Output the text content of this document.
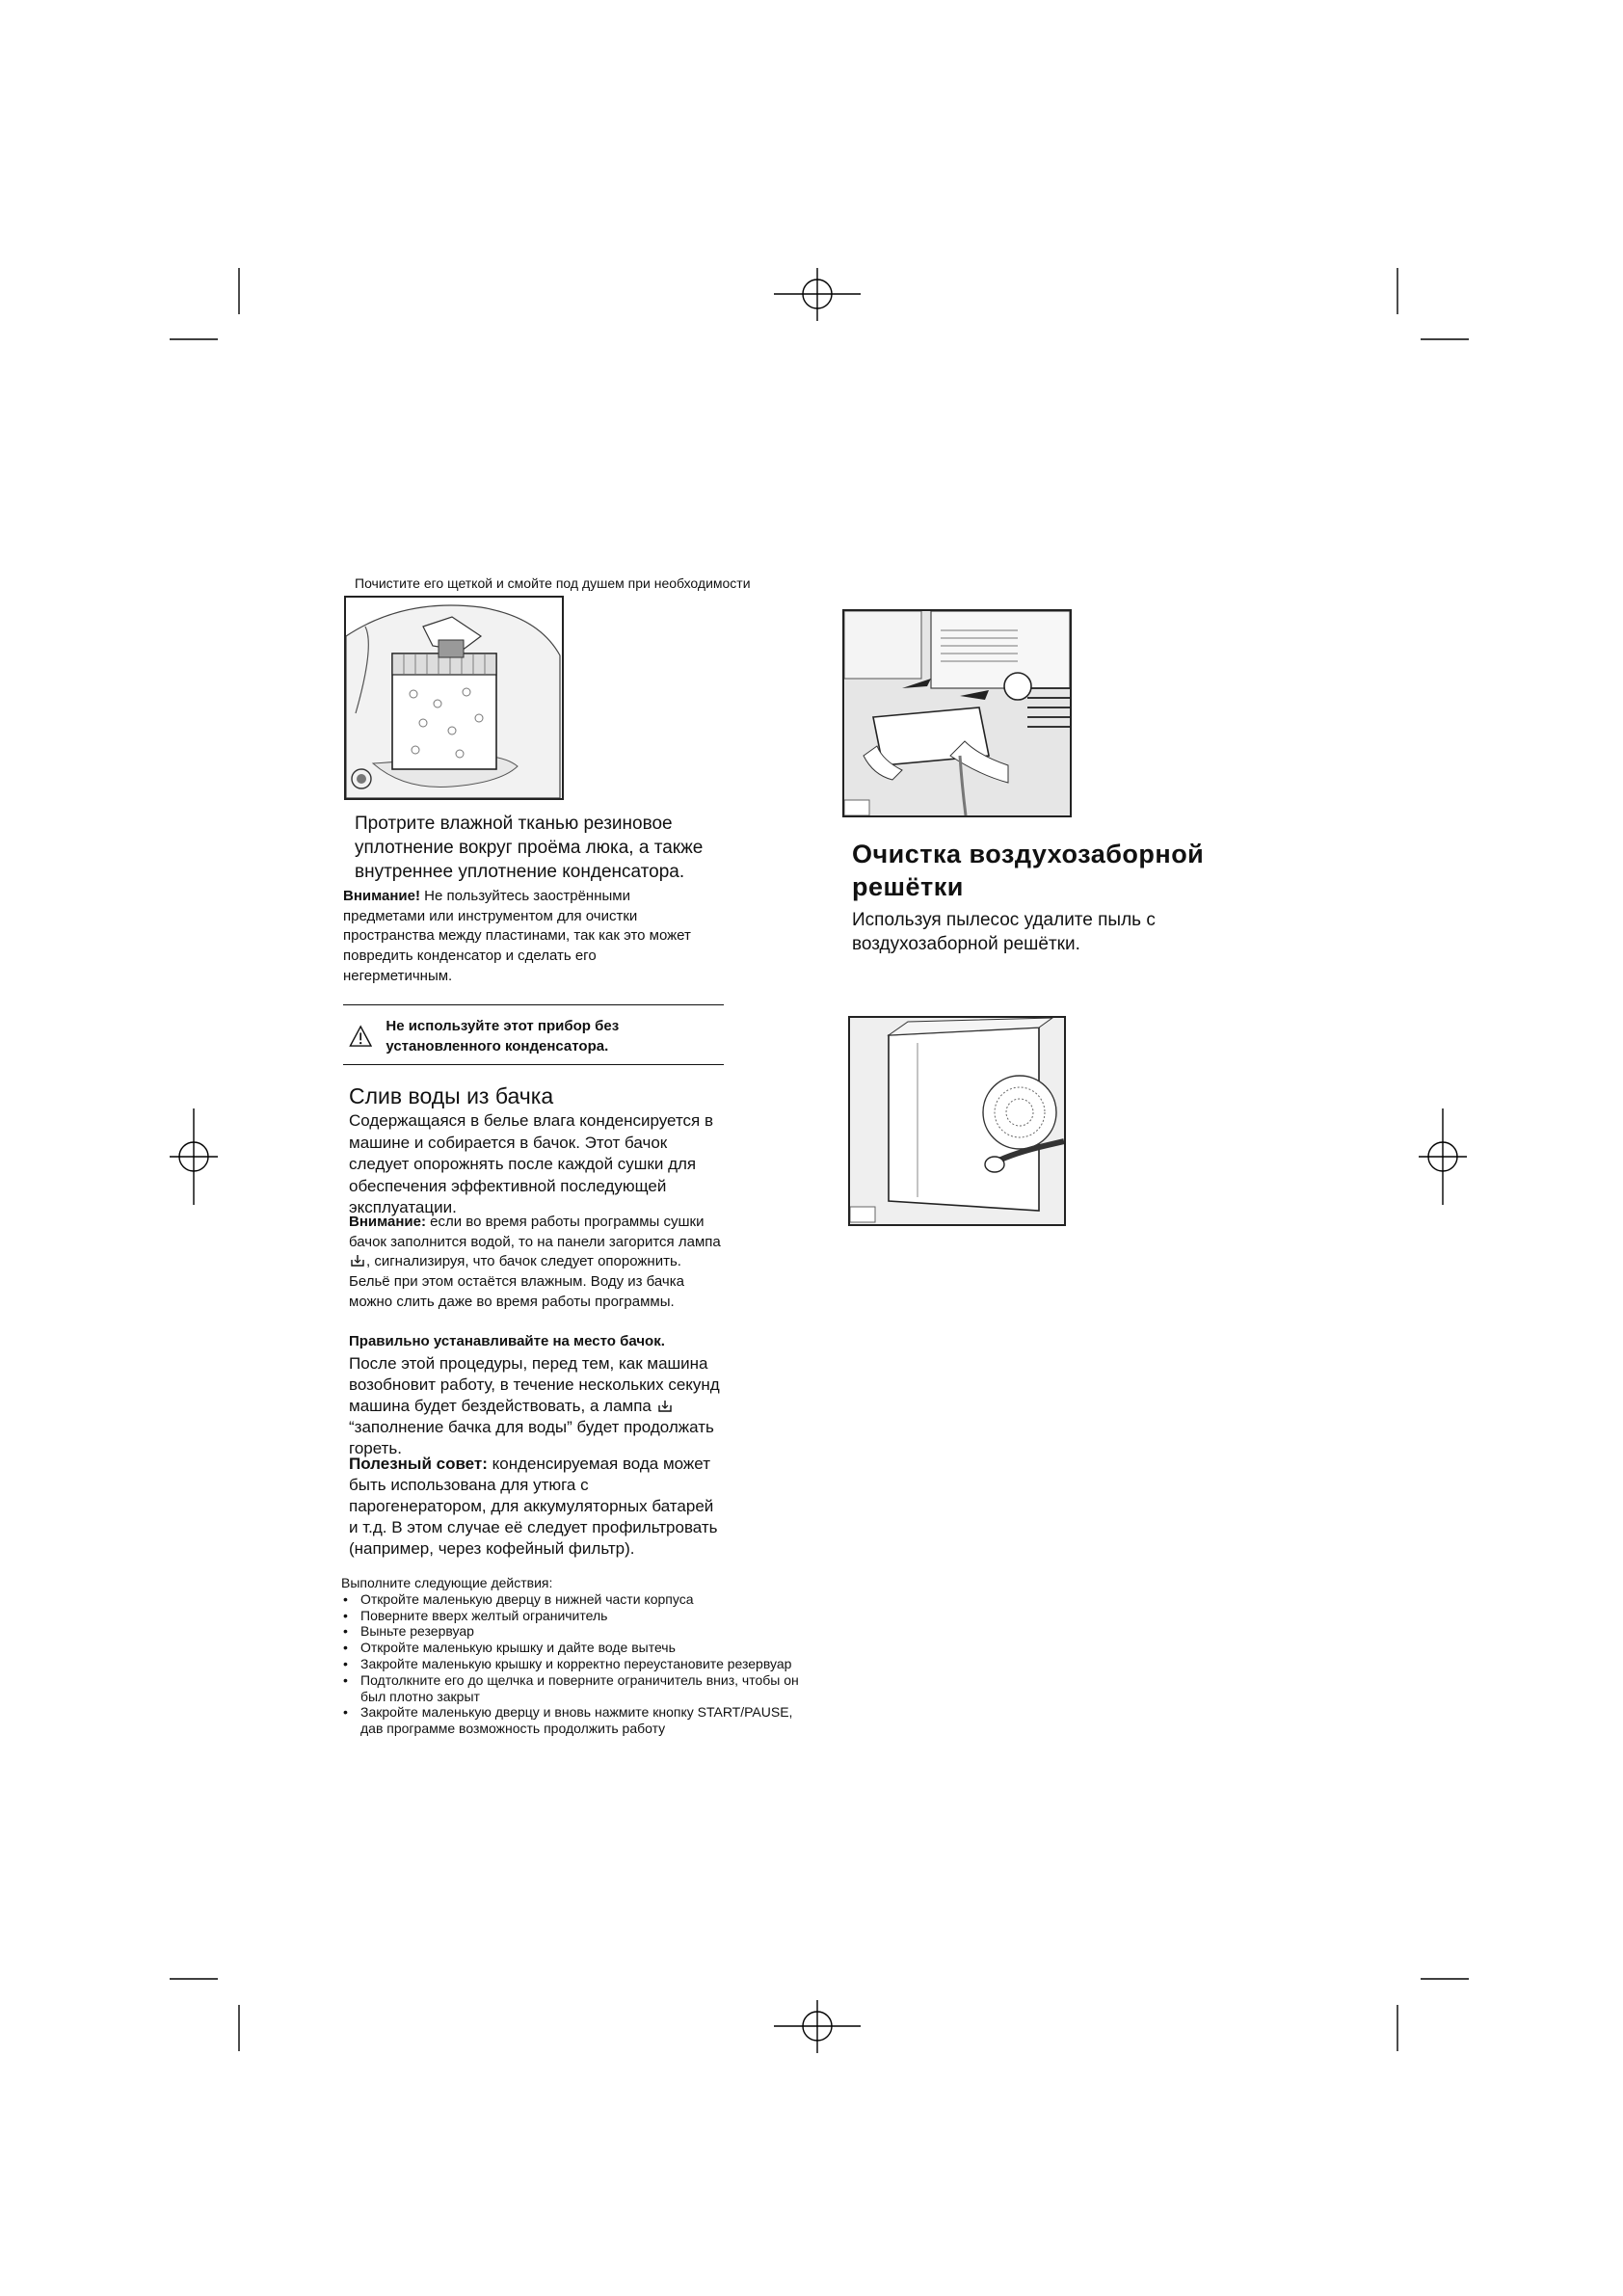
Почистите его щеткой и смойте под душем при необходимости
Протрите влажной тканью резиновое уплотнение вокруг проёма люка, а также внутреннее уплотнение конденсатора.
Внимание! Не пользуйтесь заострёнными предметами или инструментом для очистки пространства между пластинами, так как это может повредить конденсатор и сделать его негерметичным.
Не используйте этот прибор без установленного конденсатора.
Слив воды из бачка
Содержащаяся в белье влага конденсируется в машине и собирается в бачок. Этот бачок следует опорожнять после каждой сушки для обеспечения эффективной последующей эксплуатации.
Внимание: если во время работы программы сушки бачок заполнится водой, то на панели загорится лампа , сигнализируя, что бачок следует опорожнить. Бельё при этом остаётся влажным. Воду из бачка можно слить даже во время работы программы.
Правильно устанавливайте на место бачок.
После этой процедуры, перед тем, как машина возобновит работу, в течение нескольких секунд машина будет бездействовать, а лампа  “заполнение бачка для воды” будет продолжать гореть.
Полезный совет: конденсируемая вода может быть использована для утюга с парогенератором, для аккумуляторных батарей и т.д. В этом случае её следует профильтровать (например, через кофейный фильтр).
Выполните следующие действия:
• Откройте маленькую дверцу в нижней части корпуса
• Поверните вверх желтый ограничитель
• Выньте резервуар
• Откройте маленькую крышку и дайте воде вытечь
• Закройте маленькую крышку и корректно переустановите резервуар
• Подтолкните его до щелчка и поверните ограничитель вниз, чтобы он был плотно закрыт
• Закройте маленькую дверцу и вновь нажмите кнопку START/PAUSE, дав программе возможность продолжить работу
Очистка воздухозаборной решётки
Используя пылесос удалите пыль с воздухозаборной решётки.
